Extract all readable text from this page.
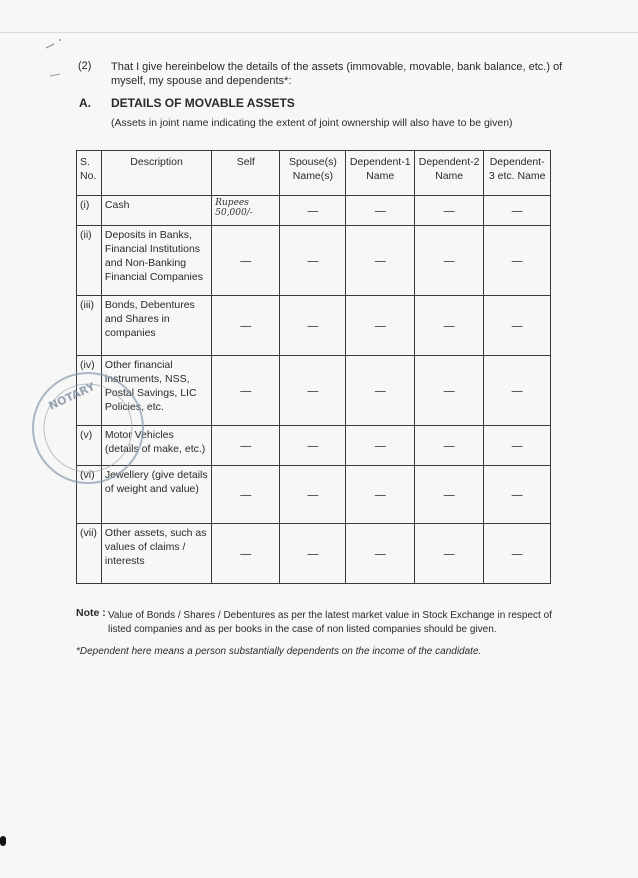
(2) That I give hereinbelow the details of the assets (immovable, movable, bank balance, etc.) of myself, my spouse and dependents*:
A. DETAILS OF MOVABLE ASSETS
(Assets in joint name indicating the extent of joint ownership will also have to be given)
S. No.	Description	Self	Spouse(s) Name(s)	Dependent-1 Name	Dependent-2 Name	Dependent-3 etc. Name
(i)	Cash	Rupees 50,000/-	—	—	—	—

(ii)	Deposits in Banks, Financial Institutions and Non-Banking Financial Companies	—	—	—	—	—

(iii)	Bonds, Debentures and Shares in companies	—	—	—	—	—

(iv)	Other financial instruments, NSS, Postal Savings, LIC Policies, etc.	—	—	—	—	—

(v)	Motor Vehicles (details of make, etc.)	—	—	—	—	—

(vi)	Jewellery (give details of weight and value)	—	—	—	—	—

(vii)	Other assets, such as values of claims / interests	—	—	—	—	—
NOTARY
Note : Value of Bonds / Shares / Debentures as per the latest market value in Stock Exchange in respect of listed companies and as per books in the case of non listed companies should be given.
*Dependent here means a person substantially dependents on the income of the candidate.
